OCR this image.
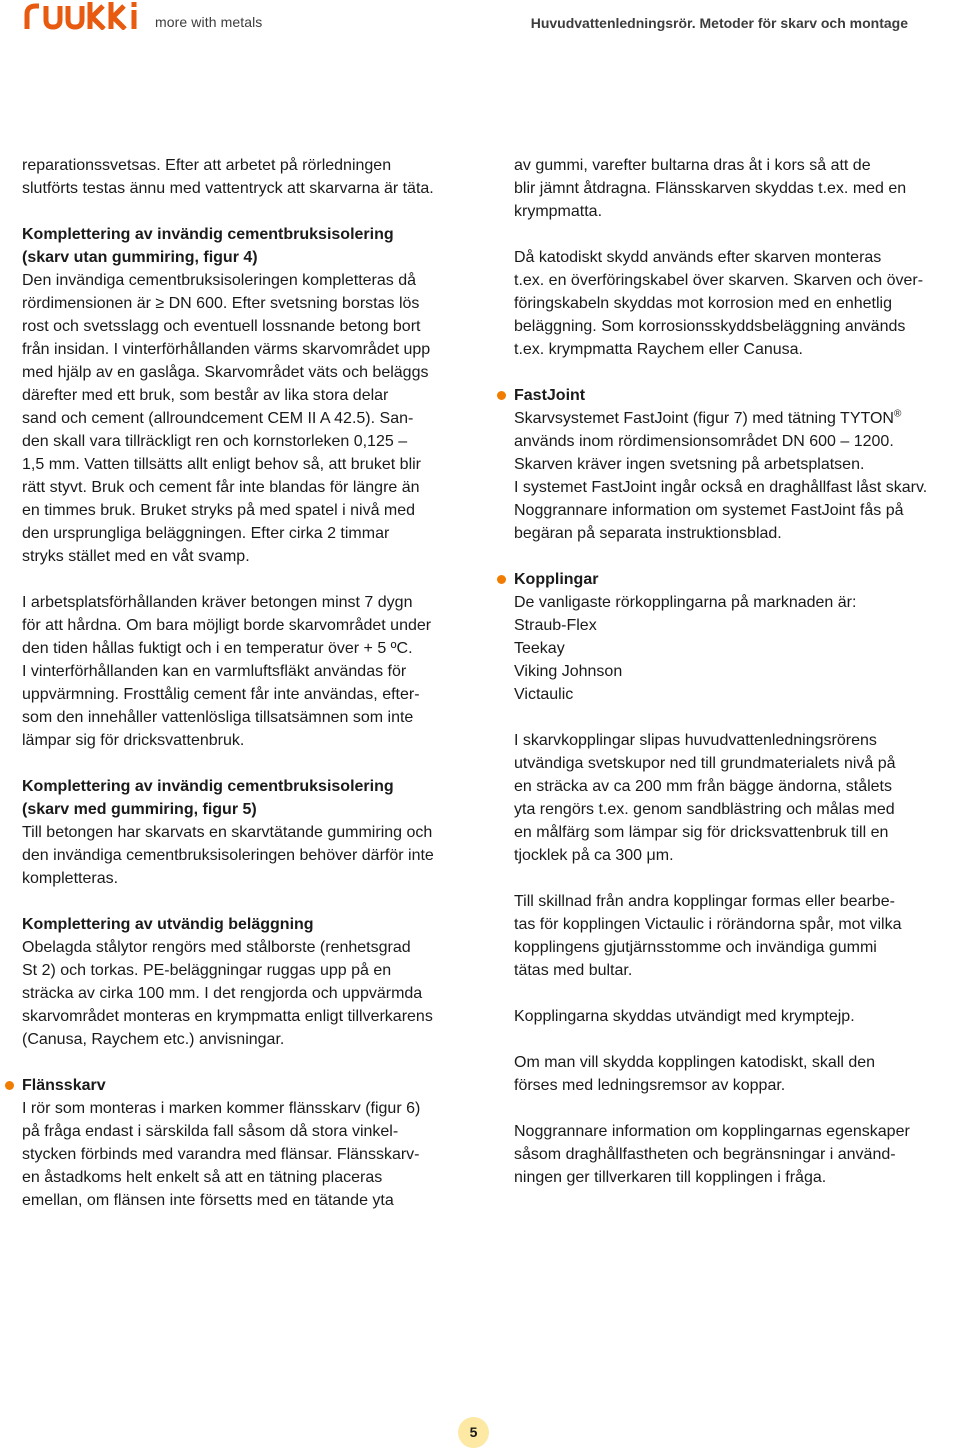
more with metals	Huvudvattenledningsrör. Metoder för skarv och montage

reparationssvetsas. Efter att arbetet på rörledningen

slutförts testas ännu med vattentryck att skarvarna är täta.

Komplettering av invändig cementbruksisolering

(skarv utan gummiring, figur 4)

Den invändiga cementbruksisoleringen kompletteras då

rördimensionen är ≥ DN 600. Efter svetsning borstas lös

rost och svetsslagg och eventuell lossnande betong bort

från insidan. I vinterförhållanden värms skarvområdet upp

med hjälp av en gaslåga. Skarvområdet väts och beläggs

därefter med ett bruk, som består av lika stora delar

sand och cement (allroundcement CEM II A 42.5). San-

den skall vara tillräckligt ren och kornstorleken 0,125 –

1,5 mm. Vatten tillsätts allt enligt behov så, att bruket blir

rätt styvt. Bruk och cement får inte blandas för längre än

en timmes bruk. Bruket stryks på med spatel i nivå med

den ursprungliga beläggningen. Efter cirka 2 timmar

stryks stället med en våt svamp.

I arbetsplatsförhållanden kräver betongen minst 7 dygn

för att hårdna. Om bara möjligt borde skarvområdet under

den tiden hållas fuktigt och i en temperatur över + 5 ºC.

I vinterförhållanden kan en varmluftsfläkt användas för

uppvärmning. Frosttålig cement får inte användas, efter-

som den innehåller vattenlösliga tillsatsämnen som inte

lämpar sig för dricksvattenbruk.

Komplettering av invändig cementbruksisolering

(skarv med gummiring, figur 5)

Till betongen har skarvats en skarvtätande gummiring och

den invändiga cementbruksisoleringen behöver därför inte

kompletteras.

Komplettering av utvändig beläggning

Obelagda stålytor rengörs med stålborste (renhetsgrad

St 2) och torkas. PE-beläggningar ruggas upp på en

sträcka av cirka 100 mm. I det rengjorda och uppvärmda

skarvområdet monteras en krympmatta enligt tillverkarens

(Canusa, Raychem etc.) anvisningar.

Flänsskarv

I rör som monteras i marken kommer flänsskarv (figur 6)

på fråga endast i särskilda fall såsom då stora vinkel-

stycken förbinds med varandra med flänsar. Flänsskarv-

en åstadkoms helt enkelt så att en tätning placeras

emellan, om flänsen inte försetts med en tätande yta

av gummi, varefter bultarna dras åt i kors så att de

blir jämnt åtdragna. Flänsskarven skyddas t.ex. med en

krympmatta.

Då katodiskt skydd används efter skarven monteras

t.ex. en överföringskabel över skarven. Skarven och över-

föringskabeln skyddas mot korrosion med en enhetlig

beläggning. Som korrosionsskyddsbeläggning används

t.ex. krympmatta Raychem eller Canusa.

FastJoint

Skarvsystemet FastJoint (figur 7) med tätning TYTON®

används inom rördimensionsområdet DN 600 – 1200.

Skarven kräver ingen svetsning på arbetsplatsen.

I systemet FastJoint ingår också en draghållfast låst skarv.

Noggrannare information om systemet FastJoint fås på

begäran på separata instruktionsblad.

Kopplingar

De vanligaste rörkopplingarna på marknaden är:

Straub-Flex

Teekay

Viking Johnson

Victaulic

I skarvkopplingar slipas huvudvattenledningsrörens

utvändiga svetskupor ned till grundmaterialets nivå på

en sträcka av ca 200 mm från bägge ändorna, stålets

yta rengörs t.ex. genom sandblästring och målas med

en målfärg som lämpar sig för dricksvattenbruk till en

tjocklek på ca 300 μm.

Till skillnad från andra kopplingar formas eller bearbe-

tas för kopplingen Victaulic i rörändorna spår, mot vilka

kopplingens gjutjärnsstomme och invändiga gummi

tätas med bultar.

Kopplingarna skyddas utvändigt med krymptejp.

Om man vill skydda kopplingen katodiskt, skall den

förses med ledningsremsor av koppar.

Noggrannare information om kopplingarnas egenskaper

såsom draghållfastheten och begränsningar i använd-

ningen ger tillverkaren till kopplingen i fråga.

5
